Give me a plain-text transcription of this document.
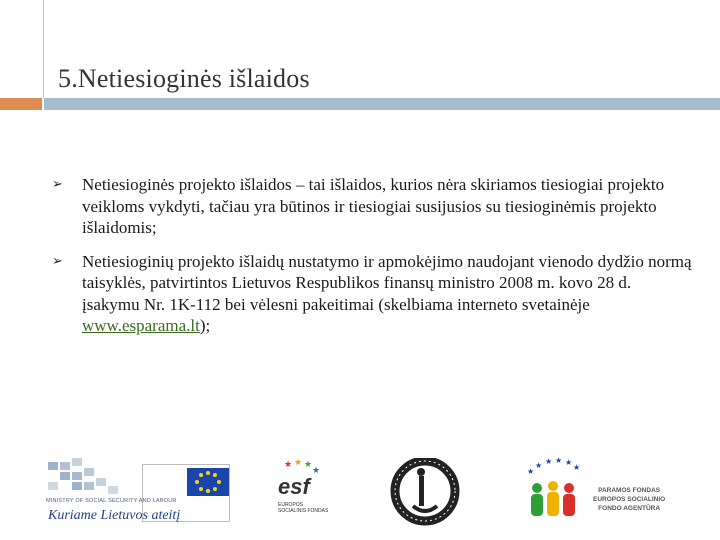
5.Netiesioginės išlaidos
➢ Netiesioginės projekto išlaidos – tai išlaidos, kurios nėra skiriamos tiesiogiai projekto veikloms vykdyti, tačiau yra būtinos ir tiesiogiai susijusios su tiesioginėmis projekto išlaidomis;
➢ Netiesioginių projekto išlaidų nustatymo ir apmokėjimo naudojant vienodo dydžio normą taisyklės, patvirtintos Lietuvos Respublikos finansų ministro 2008 m. kovo 28 d. įsakymu Nr. 1K-112 bei vėlesni pakeitimai (skelbiama interneto svetainėje www.esparama.lt);
MINISTRY OF SOCIAL SECURITY AND LABOUR
Kuriame Lietuvos ateitį
★ ★ ★
★
esf
EUROPOS SOCIALINIS FONDAS
★ ★ ★ ★
★
★
PARAMOS FONDAS
EUROPOS SOCIALINIO
FONDO AGENTŪRA
